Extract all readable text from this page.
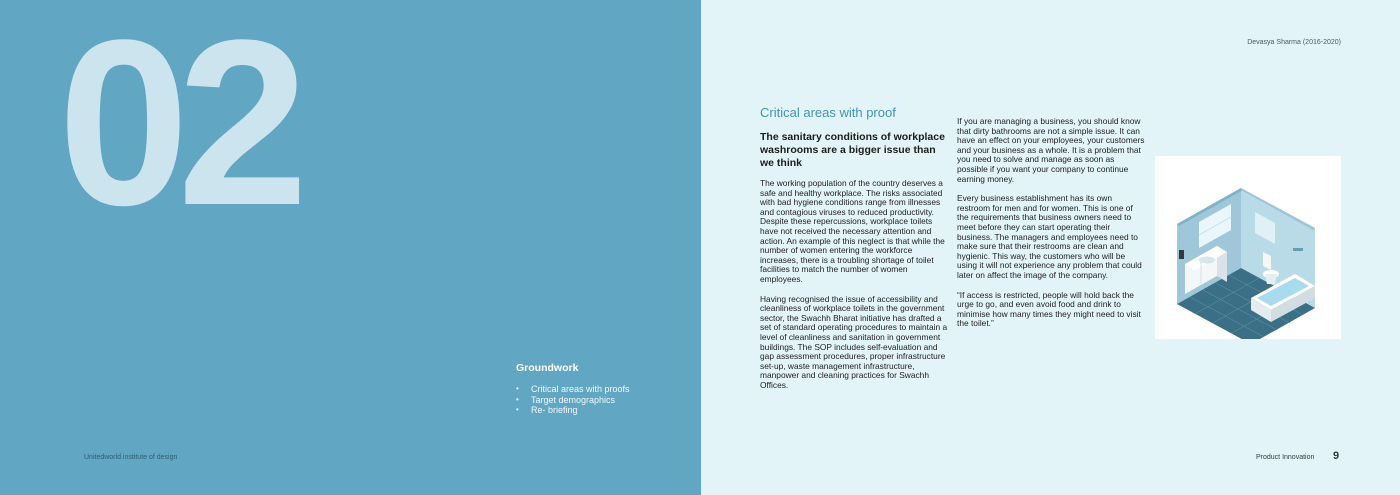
02
Groundwork
•	Critical areas with proofs
•	Target demographics
•	Re- briefing
Unitedworld institute of design
Devasya Sharma (2016-2020)
Critical areas with proof

The sanitary conditions of workplace washrooms are a bigger issue than we think

The working population of the country deserves a safe and healthy workplace. The risks associated with bad hygiene conditions range from illnesses and contagious viruses to reduced productivity. Despite these repercussions, workplace toilets have not received the necessary attention and action. An example of this neglect is that while the number of women entering the workforce increases, there is a troubling shortage of toilet facilities to match the number of women employees.

Having recognised the issue of accessibility and cleanliness of workplace toilets in the government sector, the Swachh Bharat initiative has drafted a set of standard operating procedures to maintain a level of cleanliness and sanitation in government buildings. The SOP includes self-evaluation and gap assessment procedures, proper infrastructure set-up, waste management infrastructure, manpower and cleaning practices for Swachh Offices.

If you are managing a business, you should know that dirty bathrooms are not a simple issue. It can have an effect on your employees, your customers and your business as a whole. It is a problem that you need to solve and manage as soon as possible if you want your company to continue earning money.

Every business establishment has its own restroom for men and for women. This is one of the requirements that business owners need to meet before they can start operating their business. The managers and employees need to make sure that their restrooms are clean and hygienic. This way, the customers who will be using it will not experience any problem that could later on affect the image of the company.

“If access is restricted, people will hold back the urge to go, and even avoid food and drink to minimise how many times they might need to visit the toilet.”

Product Innovation 9
